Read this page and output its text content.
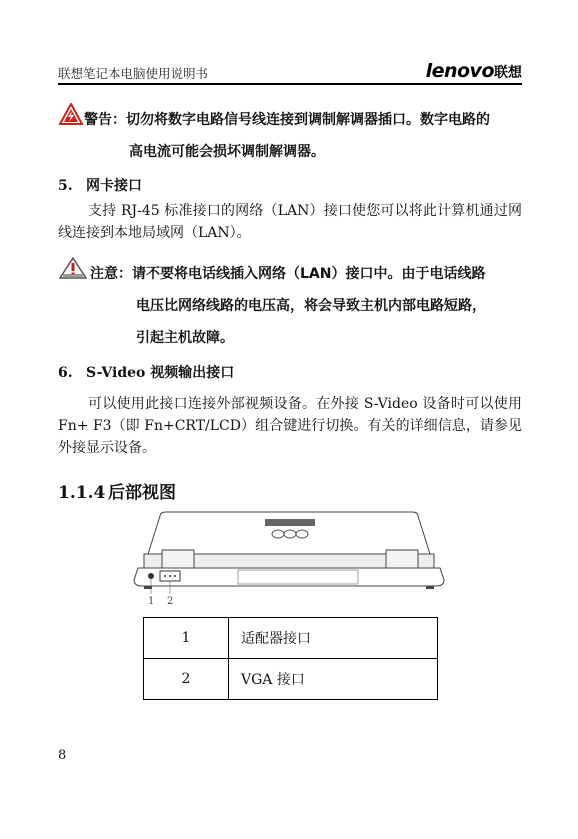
联想笔记本电脑使用说明书	lenovo联想
警告：切勿将数字电路信号线连接到调制解调器插口。数字电路的
高电流可能会损坏调制解调器。
5. 网卡接口
支持 RJ-45 标准接口的网络（LAN）接口使您可以将此计算机通过网线连接到本地局域网（LAN）。
注意：请不要将电话线插入网络（LAN）接口中。由于电话线路
电压比网络线路的电压高，将会导致主机内部电路短路，
引起主机故障。
6. S-Video 视频输出接口
可以使用此接口连接外部视频设备。在外接 S-Video 设备时可以使用 Fn+ F3（即 Fn+CRT/LCD）组合键进行切换。有关的详细信息，请参见外接显示设备。
1.1.4 后部视图
1 2
1	适配器接口
2	VGA 接口
8
